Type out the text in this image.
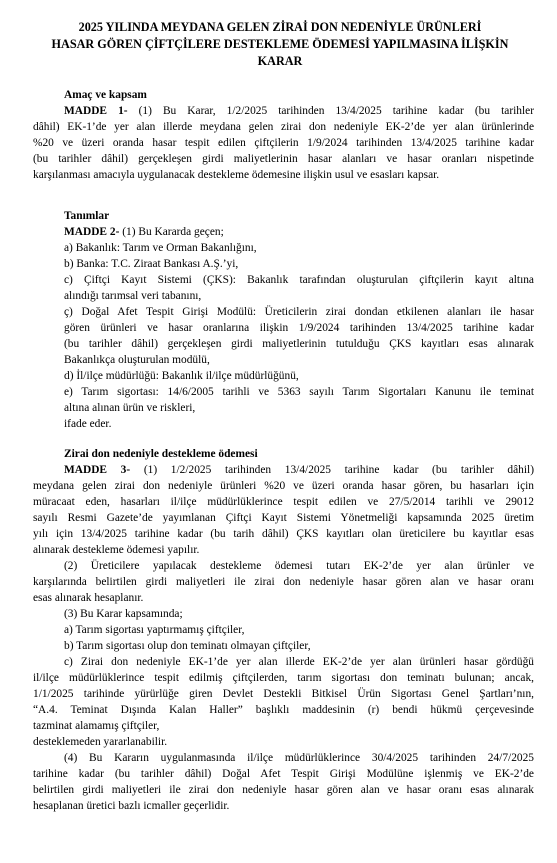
2025 YILINDA MEYDANA GELEN ZİRAİ DON NEDENİYLE ÜRÜNLERİ
HASAR GÖREN ÇİFTÇİLERE DESTEKLEME ÖDEMESİ YAPILMASINA İLİŞKİN
KARAR
Amaç ve kapsam
MADDE 1- (1) Bu Karar, 1/2/2025 tarihinden 13/4/2025 tarihine kadar (bu tarihler
dâhil) EK-1’de yer alan illerde meydana gelen zirai don nedeniyle EK-2’de yer alan ürünlerinde
%20 ve üzeri oranda hasar tespit edilen çiftçilerin 1/9/2024 tarihinden 13/4/2025 tarihine kadar
(bu tarihler dâhil) gerçekleşen girdi maliyetlerinin hasar alanları ve hasar oranları nispetinde
karşılanması amacıyla uygulanacak destekleme ödemesine ilişkin usul ve esasları kapsar.
Tanımlar
MADDE 2- (1) Bu Kararda geçen;
a) Bakanlık: Tarım ve Orman Bakanlığını,
b) Banka: T.C. Ziraat Bankası A.Ş.’yi,
c) Çiftçi Kayıt Sistemi (ÇKS): Bakanlık tarafından oluşturulan çiftçilerin kayıt altına
alındığı tarımsal veri tabanını,
ç) Doğal Afet Tespit Girişi Modülü: Üreticilerin zirai dondan etkilenen alanları ile hasar
gören ürünleri ve hasar oranlarına ilişkin 1/9/2024 tarihinden 13/4/2025 tarihine kadar
(bu tarihler dâhil) gerçekleşen girdi maliyetlerinin tutulduğu ÇKS kayıtları esas alınarak
Bakanlıkça oluşturulan modülü,
d) İl/ilçe müdürlüğü: Bakanlık il/ilçe müdürlüğünü,
e) Tarım sigortası: 14/6/2005 tarihli ve 5363 sayılı Tarım Sigortaları Kanunu ile teminat
altına alınan ürün ve riskleri,
ifade eder.
Zirai don nedeniyle destekleme ödemesi
MADDE 3- (1) 1/2/2025 tarihinden 13/4/2025 tarihine kadar (bu tarihler dâhil)
meydana gelen zirai don nedeniyle ürünleri %20 ve üzeri oranda hasar gören, bu hasarları için
müracaat eden, hasarları il/ilçe müdürlüklerince tespit edilen ve 27/5/2014 tarihli ve 29012
sayılı Resmi Gazete’de yayımlanan Çiftçi Kayıt Sistemi Yönetmeliği kapsamında 2025 üretim
yılı için 13/4/2025 tarihine kadar (bu tarih dâhil) ÇKS kayıtları olan üreticilere bu kayıtlar esas
alınarak destekleme ödemesi yapılır.
(2) Üreticilere yapılacak destekleme ödemesi tutarı EK-2’de yer alan ürünler ve
karşılarında belirtilen girdi maliyetleri ile zirai don nedeniyle hasar gören alan ve hasar oranı
esas alınarak hesaplanır.
(3) Bu Karar kapsamında;
a) Tarım sigortası yaptırmamış çiftçiler,
b) Tarım sigortası olup don teminatı olmayan çiftçiler,
c) Zirai don nedeniyle EK-1’de yer alan illerde EK-2’de yer alan ürünleri hasar gördüğü
il/ilçe müdürlüklerince tespit edilmiş çiftçilerden, tarım sigortası don teminatı bulunan; ancak,
1/1/2025 tarihinde yürürlüğe giren Devlet Destekli Bitkisel Ürün Sigortası Genel Şartları’nın,
“A.4. Teminat Dışında Kalan Haller” başlıklı maddesinin (r) bendi hükmü çerçevesinde
tazminat alamamış çiftçiler,
desteklemeden yararlanabilir.
(4) Bu Kararın uygulanmasında il/ilçe müdürlüklerince 30/4/2025 tarihinden 24/7/2025
tarihine kadar (bu tarihler dâhil) Doğal Afet Tespit Girişi Modülüne işlenmiş ve EK-2’de
belirtilen girdi maliyetleri ile zirai don nedeniyle hasar gören alan ve hasar oranı esas alınarak
hesaplanan üretici bazlı icmaller geçerlidir.
